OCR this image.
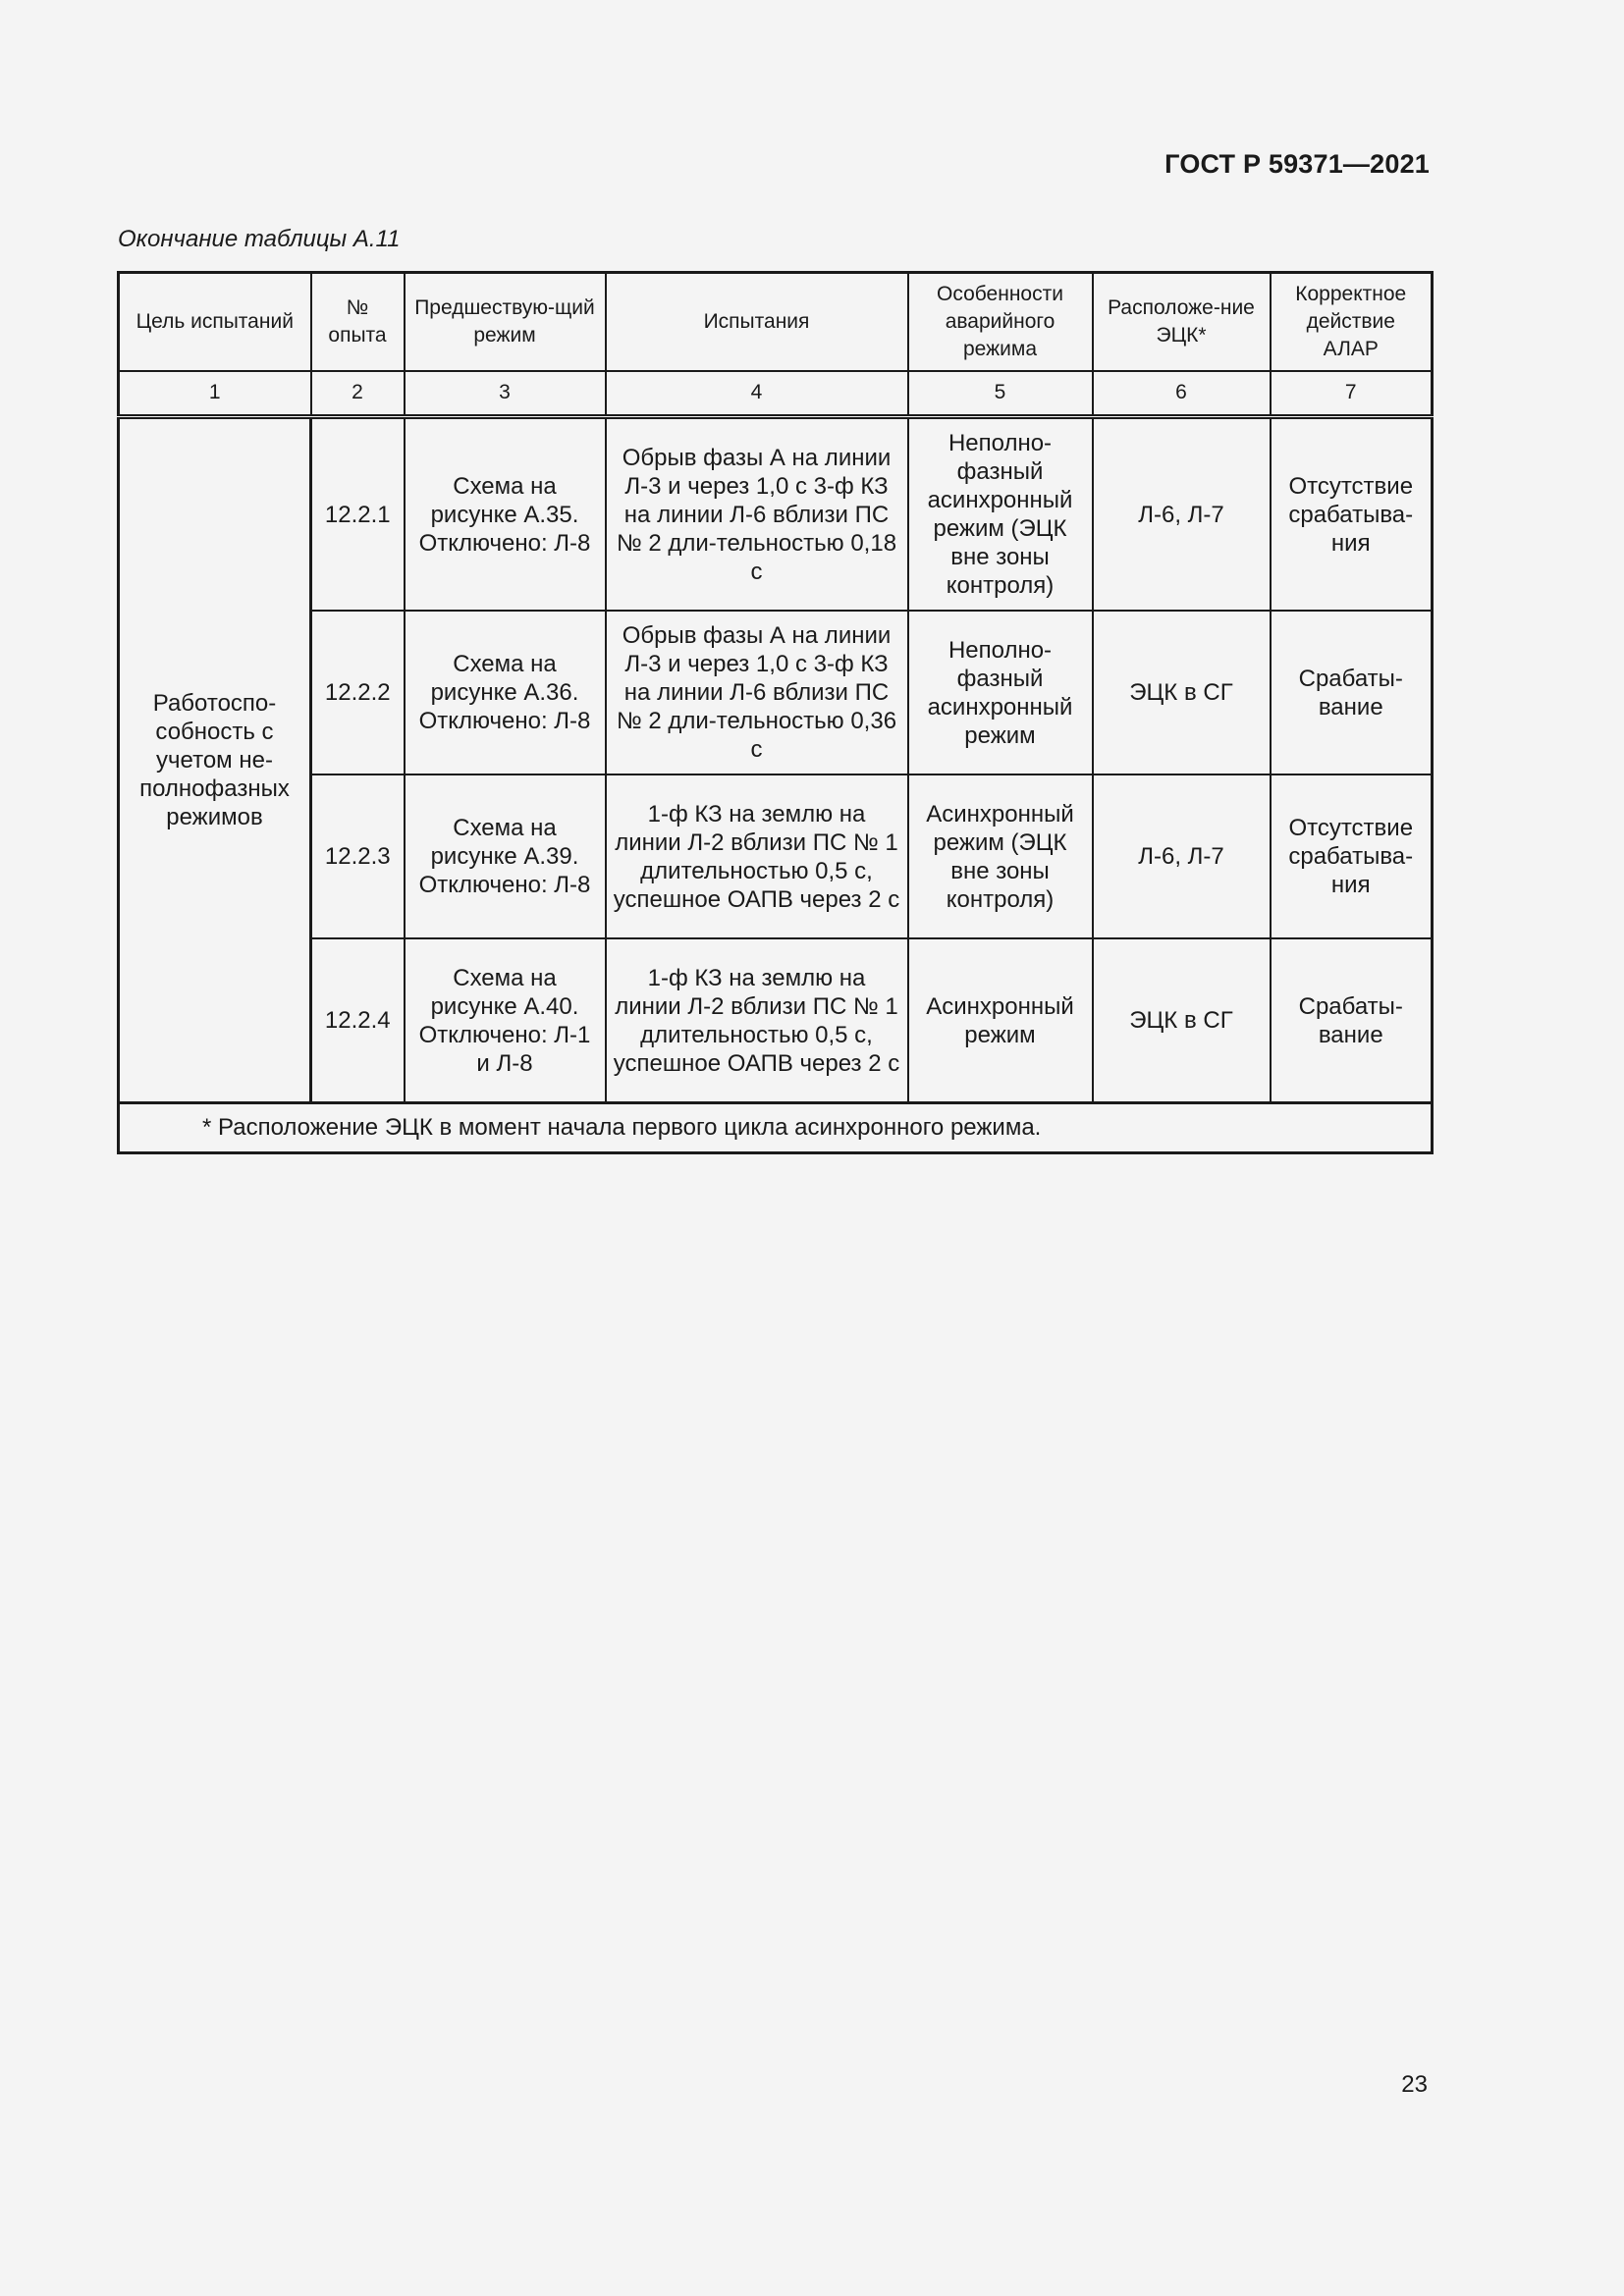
ГОСТ Р 59371—2021
Окончание таблицы А.11
Цель испытаний	№ опыта	Предшествую-щий режим	Испытания	Особенности аварийного режима	Расположе-ние ЭЦК*	Корректное действие АЛАР
1	2	3	4	5	6	7
Работоспо-собность с учетом не-полнофазных режимов	12.2.1	Схема на рисунке А.35. Отключено: Л-8	Обрыв фазы А на линии Л-3 и через 1,0 с 3-ф КЗ на линии Л-6 вблизи ПС № 2 дли-тельностью 0,18 с	Неполно-фазный асинхронный режим (ЭЦК вне зоны контроля)	Л-6, Л-7	Отсутствие срабатыва-ния
	12.2.2	Схема на рисунке А.36. Отключено: Л-8	Обрыв фазы А на линии Л-3 и через 1,0 с 3-ф КЗ на линии Л-6 вблизи ПС № 2 дли-тельностью 0,36 с	Неполно-фазный асинхронный режим	ЭЦК в СГ	Срабаты-вание
	12.2.3	Схема на рисунке А.39. Отключено: Л-8	1-ф КЗ на землю на линии Л-2 вблизи ПС № 1 длительностью 0,5 с, успешное ОАПВ через 2 с	Асинхронный режим (ЭЦК вне зоны контроля)	Л-6, Л-7	Отсутствие срабатыва-ния
	12.2.4	Схема на рисунке А.40. Отключено: Л-1 и Л-8	1-ф КЗ на землю на линии Л-2 вблизи ПС № 1 длительностью 0,5 с, успешное ОАПВ через 2 с	Асинхронный режим	ЭЦК в СГ	Срабаты-вание
* Расположение ЭЦК в момент начала первого цикла асинхронного режима.						
23
